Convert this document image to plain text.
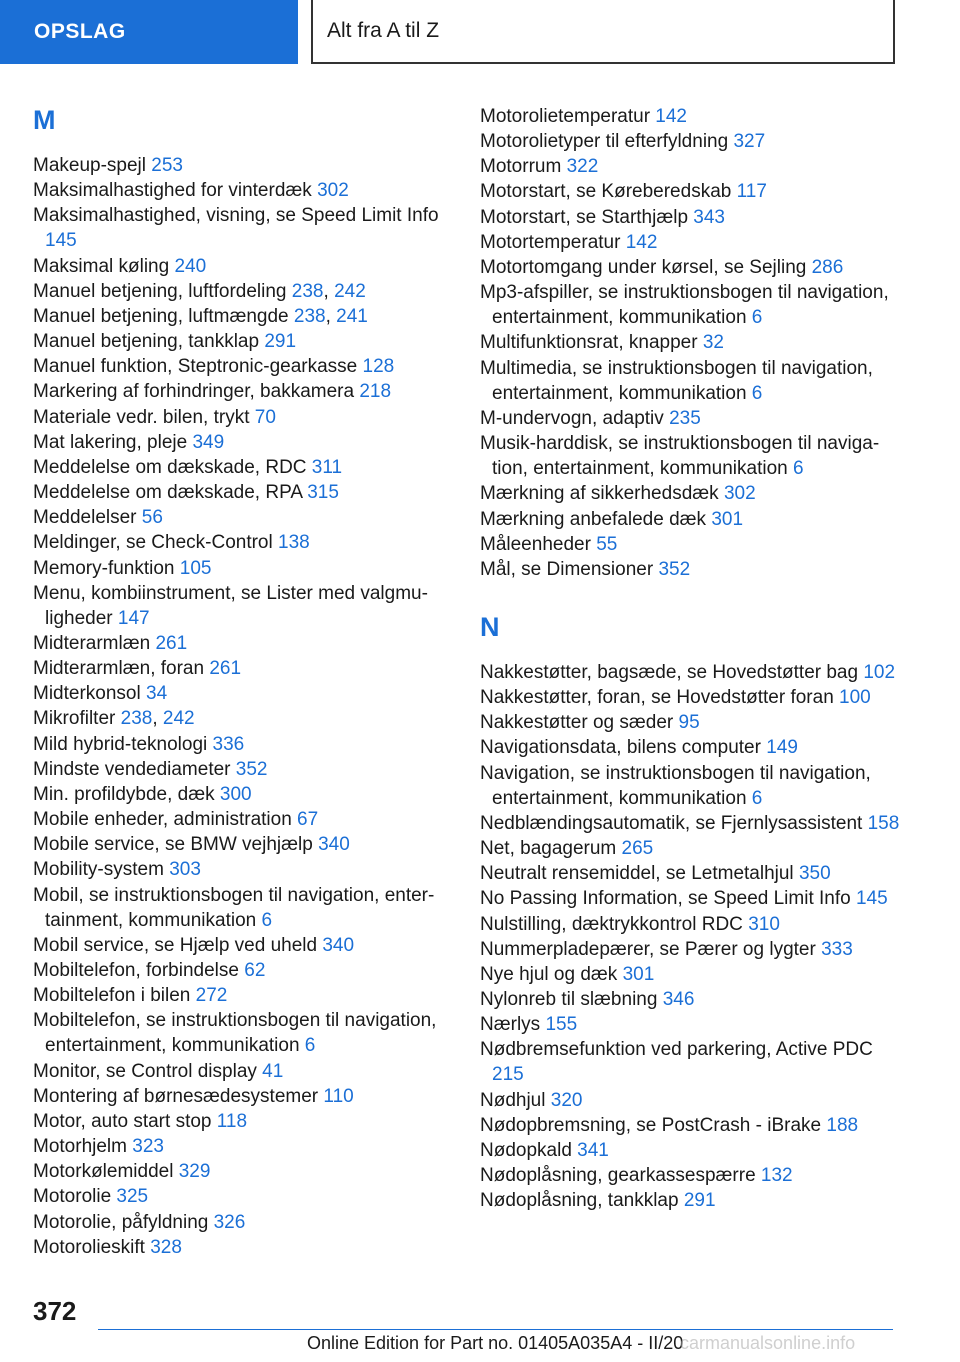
OPSLAG	Alt fra A til Z
M
Makeup-spejl 253
Maksimalhastighed for vinterdæk 302
Maksimalhastighed, visning, se Speed Limit Info 145
Maksimal køling 240
Manuel betjening, luftfordeling 238, 242
Manuel betjening, luftmængde 238, 241
Manuel betjening, tankklap 291
Manuel funktion, Steptronic-gearkasse 128
Markering af forhindringer, bakkamera 218
Materiale vedr. bilen, trykt 70
Mat lakering, pleje 349
Meddelelse om dækskade, RDC 311
Meddelelse om dækskade, RPA 315
Meddelelser 56
Meldinger, se Check-Control 138
Memory-funktion 105
Menu, kombiinstrument, se Lister med valgmuligheder 147
Midterarmlæn 261
Midterarmlæn, foran 261
Midterkonsol 34
Mikrofilter 238, 242
Mild hybrid-teknologi 336
Mindste vendediameter 352
Min. profildybde, dæk 300
Mobile enheder, administration 67
Mobile service, se BMW vejhjælp 340
Mobility-system 303
Mobil, se instruktionsbogen til navigation, entertainment, kommunikation 6
Mobil service, se Hjælp ved uheld 340
Mobiltelefon, forbindelse 62
Mobiltelefon i bilen 272
Mobiltelefon, se instruktionsbogen til navigation, entertainment, kommunikation 6
Monitor, se Control display 41
Montering af børnesædesystemer 110
Motor, auto start stop 118
Motorhjelm 323
Motorkølemiddel 329
Motorolie 325
Motorolie, påfyldning 326
Motorolieskift 328
Motorolietemperatur 142
Motorolietyper til efterfyldning 327
Motorrum 322
Motorstart, se Køreberedskab 117
Motorstart, se Starthjælp 343
Motortemperatur 142
Motortomgang under kørsel, se Sejling 286
Mp3-afspiller, se instruktionsbogen til navigation, entertainment, kommunikation 6
Multifunktionsrat, knapper 32
Multimedia, se instruktionsbogen til navigation, entertainment, kommunikation 6
M-undervogn, adaptiv 235
Musik-harddisk, se instruktionsbogen til navigation, entertainment, kommunikation 6
Mærkning af sikkerhedsdæk 302
Mærkning anbefalede dæk 301
Måleenheder 55
Mål, se Dimensioner 352
N
Nakkestøtter, bagsæde, se Hovedstøtter bag 102
Nakkestøtter, foran, se Hovedstøtter foran 100
Nakkestøtter og sæder 95
Navigationsdata, bilens computer 149
Navigation, se instruktionsbogen til navigation, entertainment, kommunikation 6
Nedblændingsautomatik, se Fjernlysassistent 158
Net, bagagerum 265
Neutralt rensemiddel, se Letmetalhjul 350
No Passing Information, se Speed Limit Info 145
Nulstilling, dæktrykkontrol RDC 310
Nummerpladepærer, se Pærer og lygter 333
Nye hjul og dæk 301
Nylonreb til slæbning 346
Nærlys 155
Nødbremsefunktion ved parkering, Active PDC 215
Nødhjul 320
Nødopbremsning, se PostCrash - iBrake 188
Nødopkald 341
Nødoplåsning, gearkassespærre 132
Nødoplåsning, tankklap 291
372
Online Edition for Part no. 01405A035A4 - II/20
carmanualsonline.info
